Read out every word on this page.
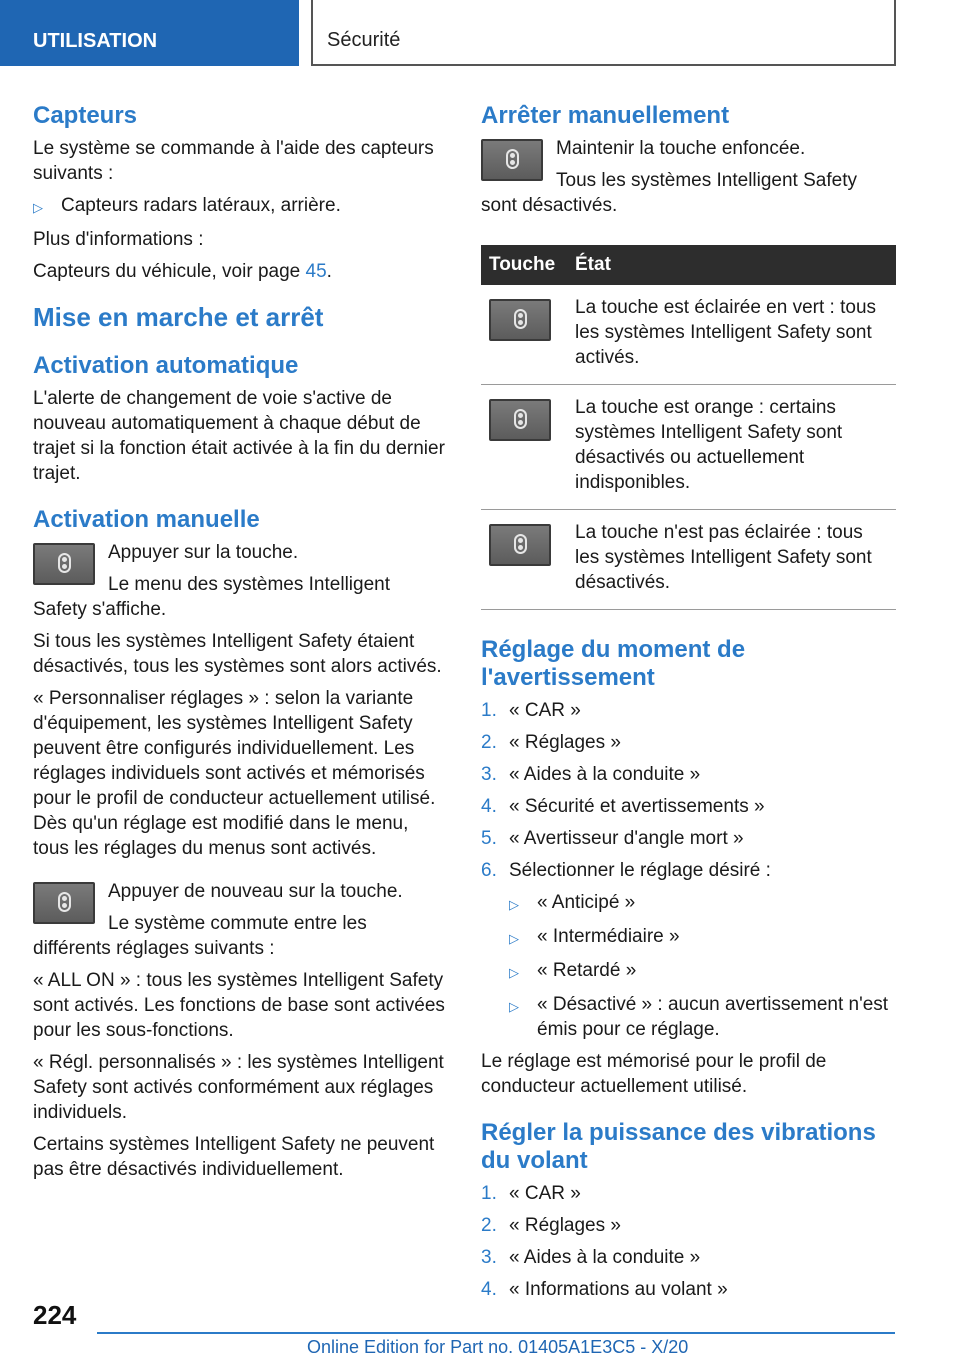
UTILISATION	Sécurité
Capteurs

Le système se commande à l'aide des capteurs suivants :

▷ Capteurs radars latéraux, arrière.

Plus d'informations :

Capteurs du véhicule, voir page 45.

Mise en marche et arrêt
Activation automatique

L'alerte de changement de voie s'active de nouveau automatiquement à chaque début de trajet si la fonction était activée à la fin du dernier trajet.

Activation manuelle

Appuyer sur la touche.

Le menu des systèmes Intelligent Safety s'affiche.

Si tous les systèmes Intelligent Safety étaient désactivés, tous les systèmes sont alors activés.

« Personnaliser réglages » : selon la variante d'équipement, les systèmes Intelligent Safety peuvent être configurés individuellement. Les réglages individuels sont activés et mémorisés pour le profil de conducteur actuellement utilisé. Dès qu'un réglage est modifié dans le menu, tous les réglages du menus sont activés.

Appuyer de nouveau sur la touche.

Le système commute entre les différents réglages suivants :

« ALL ON » : tous les systèmes Intelligent Safety sont activés. Les fonctions de base sont activées pour les sous-fonctions.

« Régl. personnalisés » : les systèmes Intelligent Safety sont activés conformément aux réglages individuels.

Certains systèmes Intelligent Safety ne peuvent pas être désactivés individuellement.

Arrêter manuellement

Maintenir la touche enfoncée.

Tous les systèmes Intelligent Safety sont désactivés.

Touche	État

	La touche est éclairée en vert : tous les systèmes Intelligent Safety sont activés.

	La touche est orange : certains systèmes Intelligent Safety sont désactivés ou actuellement indisponibles.

	La touche n'est pas éclairée : tous les systèmes Intelligent Safety sont désactivés.
Réglage du moment de l'avertissement
1. « CAR »
2. « Réglages »
3. « Aides à la conduite »
4. « Sécurité et avertissements »
5. « Avertisseur d'angle mort »
6. Sélectionner le réglage désiré :
▷ « Anticipé »
▷ « Intermédiaire »
▷ « Retardé »
▷ « Désactivé » : aucun avertissement n'est émis pour ce réglage.

Le réglage est mémorisé pour le profil de conducteur actuellement utilisé.

Régler la puissance des vibrations du volant
1. « CAR »
2. « Réglages »
3. « Aides à la conduite »
4. « Informations au volant »
224
Online Edition for Part no. 01405A1E3C5 - X/20
